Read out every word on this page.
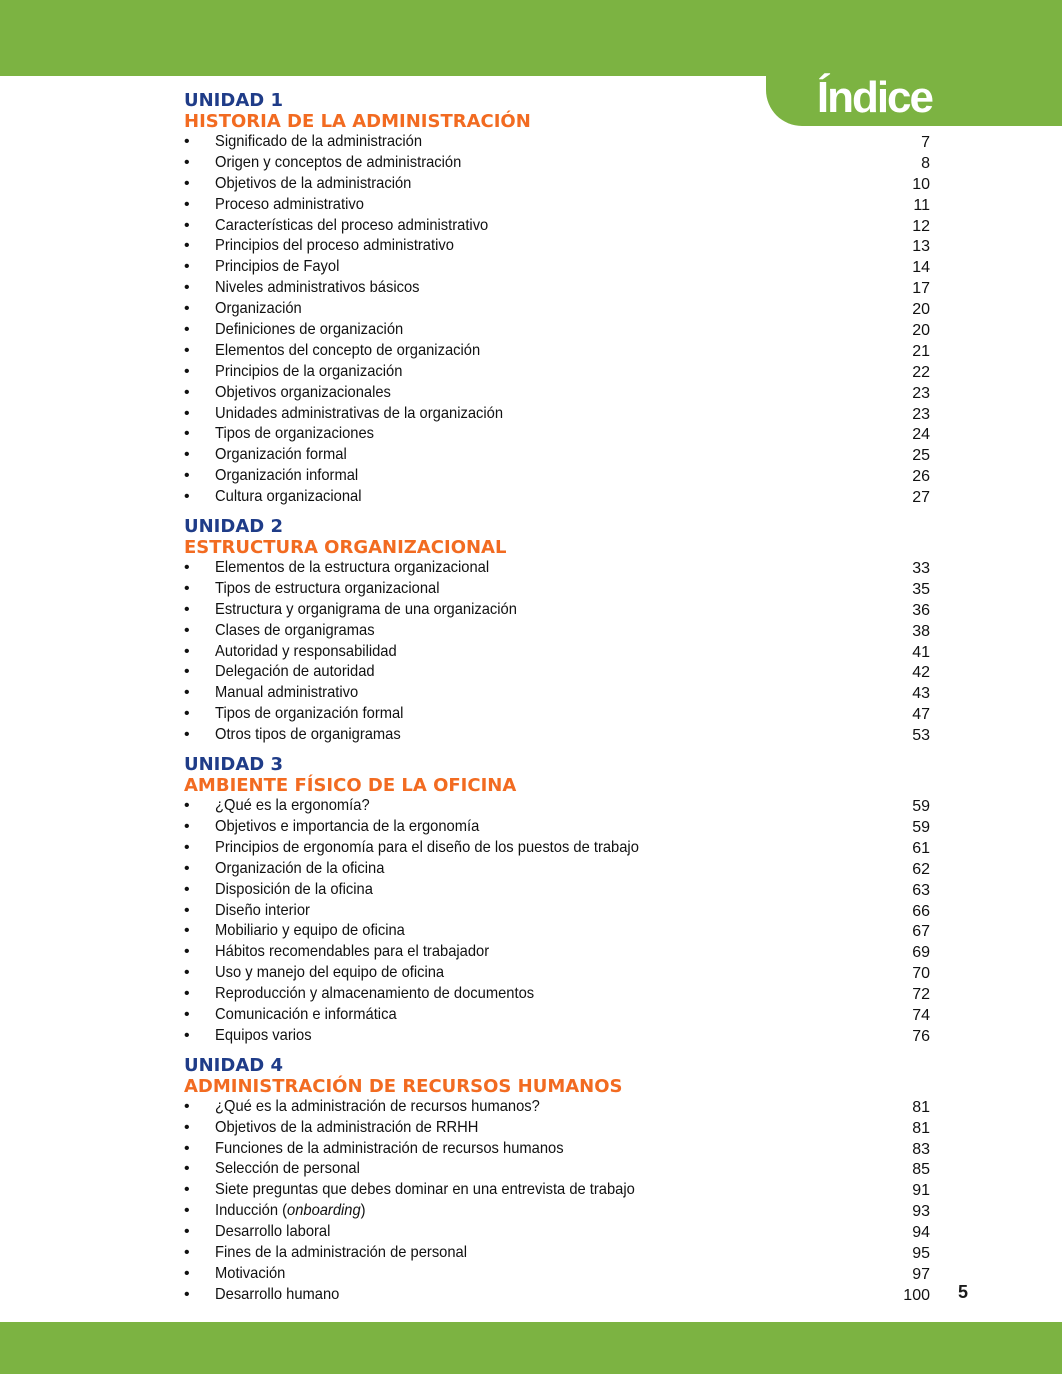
Índice
UNIDAD 1
HISTORIA DE LA ADMINISTRACIÓN
• Significado de la administración	7
• Origen y conceptos de administración	8
• Objetivos de la administración	10
• Proceso administrativo	11
• Características del proceso administrativo	12
• Principios del proceso administrativo	13
• Principios de Fayol	14
• Niveles administrativos básicos	17
• Organización	20
• Definiciones de organización	20
• Elementos del concepto de organización	21
• Principios de la organización	22
• Objetivos organizacionales	23
• Unidades administrativas de la organización	23
• Tipos de organizaciones	24
• Organización formal	25
• Organización informal	26
• Cultura organizacional	27
UNIDAD 2
ESTRUCTURA ORGANIZACIONAL
• Elementos de la estructura organizacional	33
• Tipos de estructura organizacional	35
• Estructura y organigrama de una organización	36
• Clases de organigramas	38
• Autoridad y responsabilidad	41
• Delegación de autoridad	42
• Manual administrativo	43
• Tipos de organización formal	47
• Otros tipos de organigramas	53
UNIDAD 3
AMBIENTE FÍSICO DE LA OFICINA
• ¿Qué es la ergonomía?	59
• Objetivos e importancia de la ergonomía	59
• Principios de ergonomía para el diseño de los puestos de trabajo	61
• Organización de la oficina	62
• Disposición de la oficina	63
• Diseño interior	66
• Mobiliario y equipo de oficina	67
• Hábitos recomendables para el trabajador	69
• Uso y manejo del equipo de oficina	70
• Reproducción y almacenamiento de documentos	72
• Comunicación e informática	74
• Equipos varios	76
UNIDAD 4
ADMINISTRACIÓN DE RECURSOS HUMANOS
• ¿Qué es la administración de recursos humanos?	81
• Objetivos de la administración de RRHH	81
• Funciones de la administración de recursos humanos	83
• Selección de personal	85
• Siete preguntas que debes dominar en una entrevista de trabajo	91
• Inducción (onboarding)	93
• Desarrollo laboral	94
• Fines de la administración de personal	95
• Motivación	97
• Desarrollo humano	100 5
